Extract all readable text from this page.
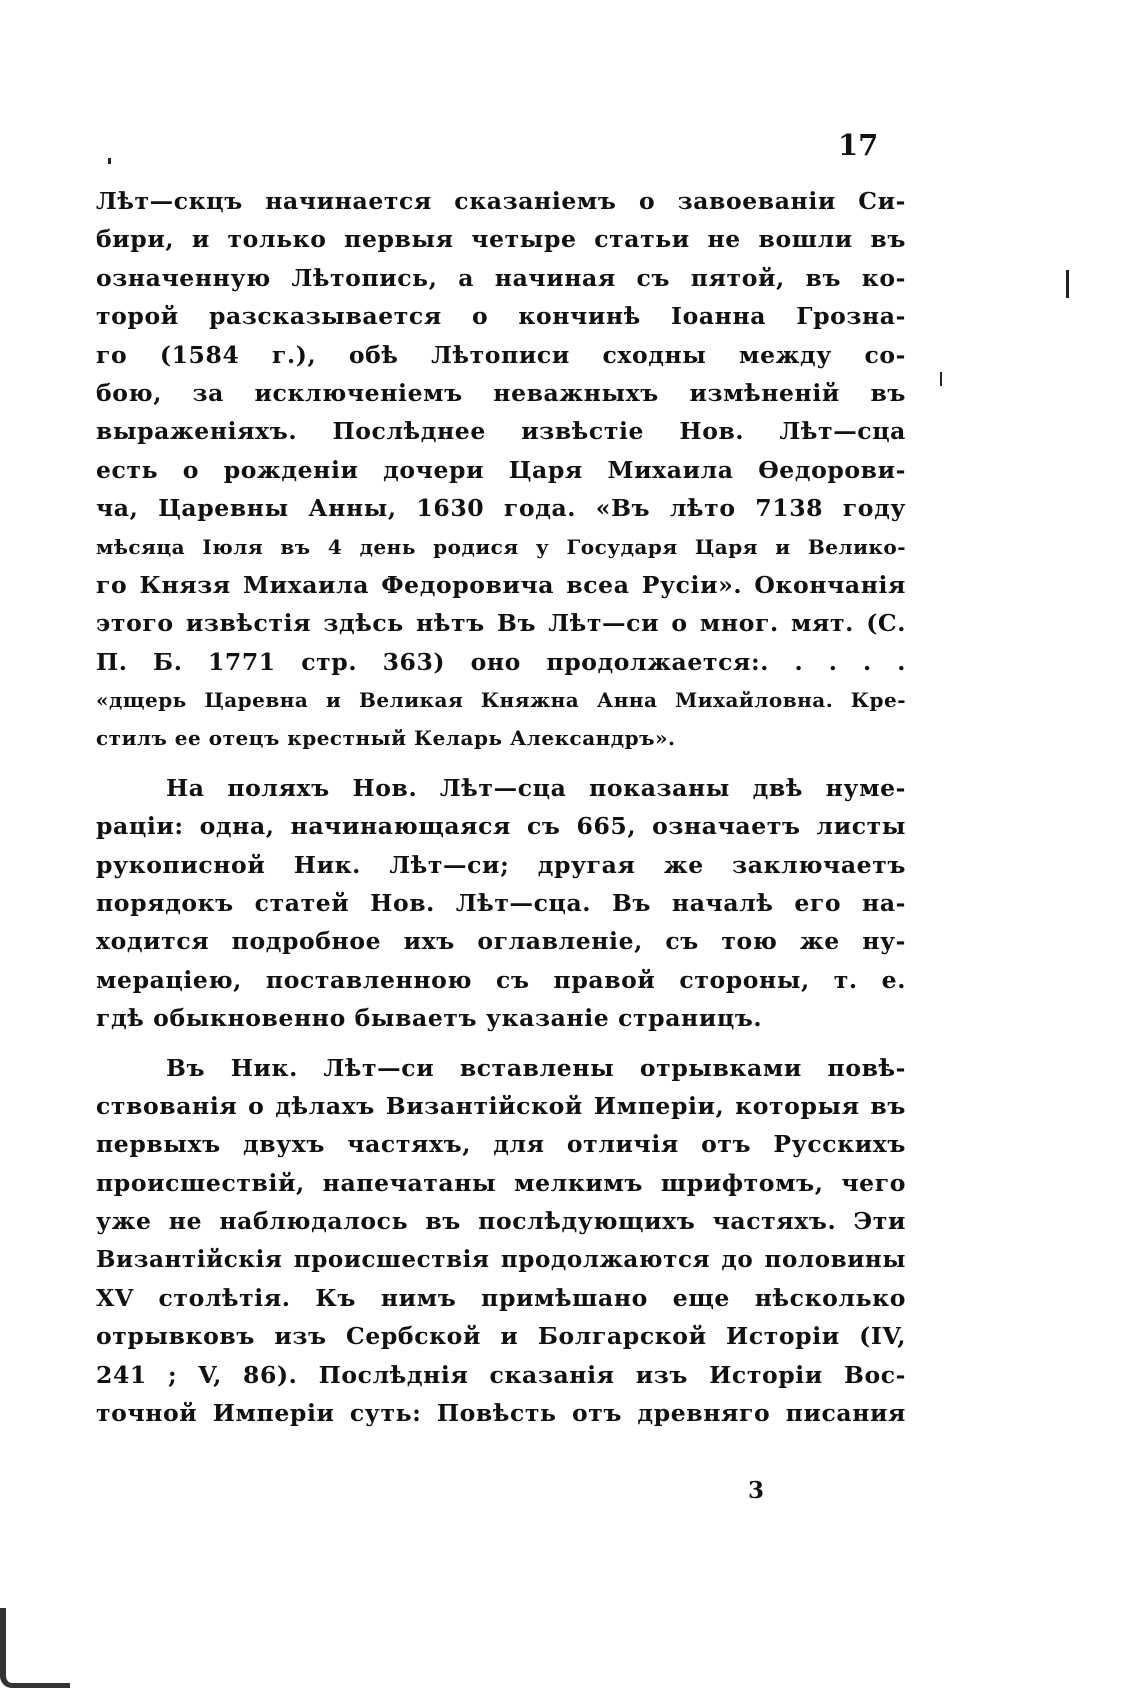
17
Лѣт—скцъ начинается сказаніемъ о завоеваніи Си-
бири, и только первыя четыре статьи не вошли въ
означенную Лѣтопись, а начиная съ пятой, въ ко-
торой разсказывается о кончинѣ Іоанна Грозна-
го (1584 г.), обѣ Лѣтописи сходны между со-
бою, за исключеніемъ неважныхъ измѣненій въ
выраженіяхъ. Послѣднее извѣстіе Нов. Лѣт—сца
есть о рожденіи дочери Царя Михаила Ѳедорови-
ча, Царевны Анны, 1630 года. «Въ лѣто 7138 году
мѣсяца Іюля въ 4 день родися у Государя Царя и Велико-
го Князя Михаила Федоровича всеа Русіи». Окончанія
этого извѣстія здѣсь нѣтъ Въ Лѣт—си о мног. мят. (С.
П. Б. 1771 стр. 363) оно продолжается:. . . . .
«дщерь Царевна и Великая Княжна Анна Михайловна. Кре-
стилъ ее отецъ крестный Келарь Александръ».
На поляхъ Нов. Лѣт—сца показаны двѣ нуме-
раціи: одна, начинающаяся съ 665, означаетъ листы
рукописной Ник. Лѣт—си; другая же заключаетъ
порядокъ статей Нов. Лѣт—сца. Въ началѣ его на-
ходится подробное ихъ оглавленіе, съ тою же ну-
мераціею, поставленною съ правой стороны, т. е.
гдѣ обыкновенно бываетъ указаніе страницъ.
Въ Ник. Лѣт—си вставлены отрывками повѣ-
ствованія о дѣлахъ Византійской Имперіи, которыя въ
первыхъ двухъ частяхъ, для отличія отъ Русскихъ
происшествій, напечатаны мелкимъ шрифтомъ, чего
уже не наблюдалось въ послѣдующихъ частяхъ. Эти
Византійскія происшествія продолжаются до половины
XV столѣтія. Къ нимъ примѣшано еще нѣсколько
отрывковъ изъ Сербской и Болгарской Исторіи (IV,
241 ; V, 86). Послѣднія сказанія изъ Исторіи Вос-
точной Имперіи суть: Повѣсть отъ древняго писания
3
